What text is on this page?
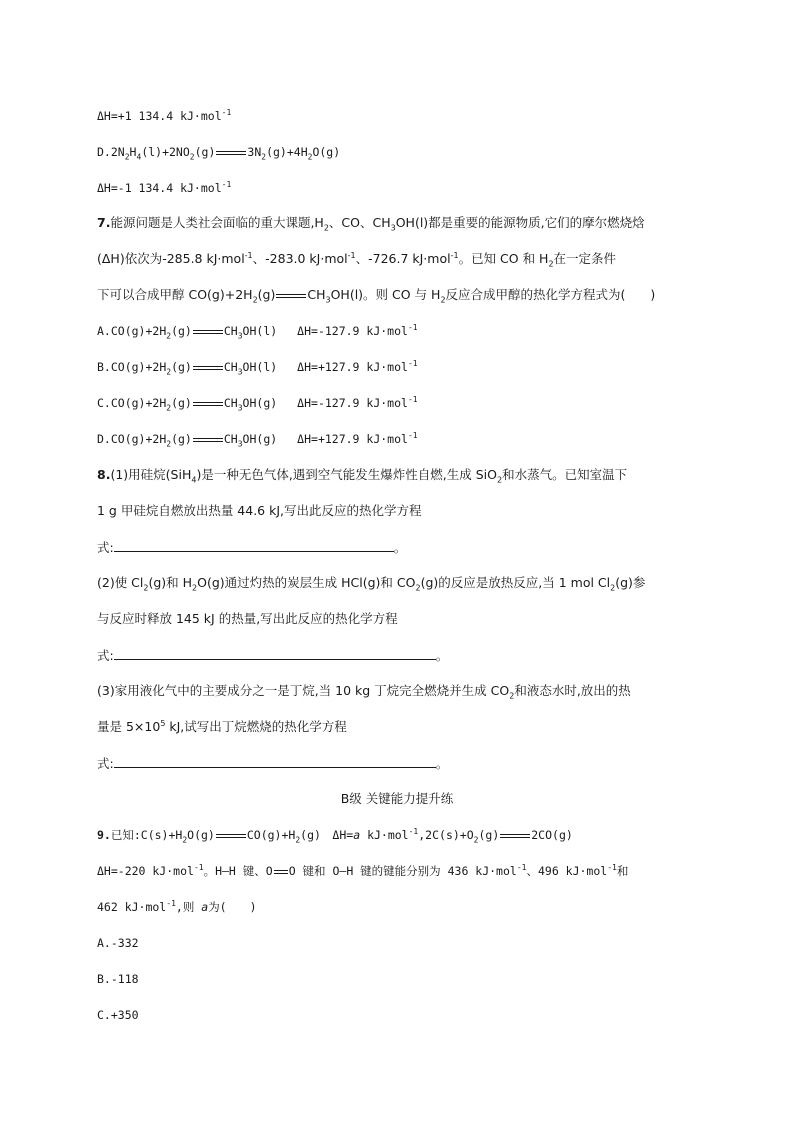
ΔH=+1 134.4 kJ·mol$^{-1}$
$D.2N_2H_4(l)+2NO_2(g)$	$3N_2(g)+4H_2O(g)$
ΔH=-1 134.4 kJ·mol$^{-1}$
7.能源问题是人类社会面临的重大课题$,H_2$、CO、$CH_3OH(l)$都是重要的能源物质,它们的摩尔燃烧焓
(ΔH)依次为-285.8 kJ·mol$^{-1}$、-283.0 kJ·mol$^{-1}$、-726.7 kJ·mol$^{-1}$。已知 CO 和 $H_2$在一定条件
下可以合成甲醇 $CO(g)+2H_2(g)$	$CH_3OH(l)$。则 CO 与 $H_2$反应合成甲醇的热化学方程式为(　　)
$A.CO(g)+2H_2(g)$	$CH_3OH(l)$ ΔH=-127.9 kJ·mol$^{-1}$
$B.CO(g)+2H_2(g)$	$CH_3OH(l)$ ΔH=+127.9 kJ·mol$^{-1}$
$C.CO(g)+2H_2(g)$	$CH_3OH(g)$ ΔH=-127.9 kJ·mol$^{-1}$
$D.CO(g)+2H_2(g)$	$CH_3OH(g)$ ΔH=+127.9 kJ·mol$^{-1}$
8.(1)用硅烷(SiH$_4$)是一种无色气体,遇到空气能发生爆炸性自燃,生成 SiO$_2$和水蒸气。已知室温下
1 g 甲硅烷自燃放出热量 44.6 kJ,写出此反应的热化学方程
式:	。
(2)使 $Cl_2(g)$和 $H_2O(g)$通过灼热的炭层生成 HCl(g)和 $CO_2(g)$的反应是放热反应,当 1 mol $Cl_2(g)$参
与反应时释放 145 kJ 的热量,写出此反应的热化学方程
式:	。
(3)家用液化气中的主要成分之一是丁烷,当 10 kg 丁烷完全燃烧并生成 $CO_2$和液态水时,放出的热
量是 $5\times 10^5$ kJ,试写出丁烷燃烧的热化学方程
式:	。
B级 关键能力提升练
9.已知$:C(s)+H_2O(g)$	$CO(g)+H_2(g)$　ΔH=a $kJ\cdot mol^{-1},2C(s)+O_2(g)$	2CO(g)
ΔH=-220 kJ·mol$^{-1}$。H—H 键、O O 键和 O—H 键的键能分别为 436 kJ·mol$^{-1}$、496 kJ·mol$^{-1}$和
462 kJ·mol$^{-1}$,则 a为(　　)
A.-332
B.-118
C.+350
